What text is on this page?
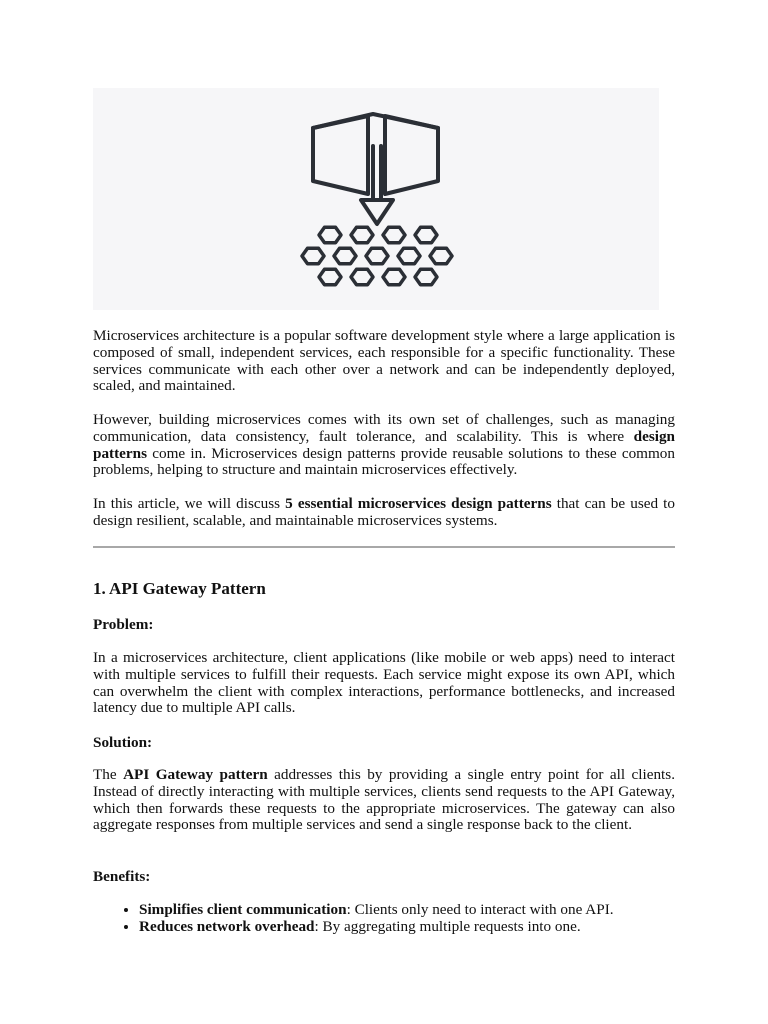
Microservices architecture is a popular software development style where a large application is composed of small, independent services, each responsible for a specific functionality. These services communicate with each other over a network and can be independently deployed, scaled, and maintained.

However, building microservices comes with its own set of challenges, such as managing communication, data consistency, fault tolerance, and scalability. This is where design patterns come in. Microservices design patterns provide reusable solutions to these common problems, helping to structure and maintain microservices effectively.

In this article, we will discuss 5 essential microservices design patterns that can be used to design resilient, scalable, and maintainable microservices systems.

1. API Gateway Pattern

Problem:

In a microservices architecture, client applications (like mobile or web apps) need to interact with multiple services to fulfill their requests. Each service might expose its own API, which can overwhelm the client with complex interactions, performance bottlenecks, and increased latency due to multiple API calls.

Solution:

The API Gateway pattern addresses this by providing a single entry point for all clients. Instead of directly interacting with multiple services, clients send requests to the API Gateway, which then forwards these requests to the appropriate microservices. The gateway can also aggregate responses from multiple services and send a single response back to the client.

Benefits:

• Simplifies client communication: Clients only need to interact with one API.
• Reduces network overhead: By aggregating multiple requests into one.
